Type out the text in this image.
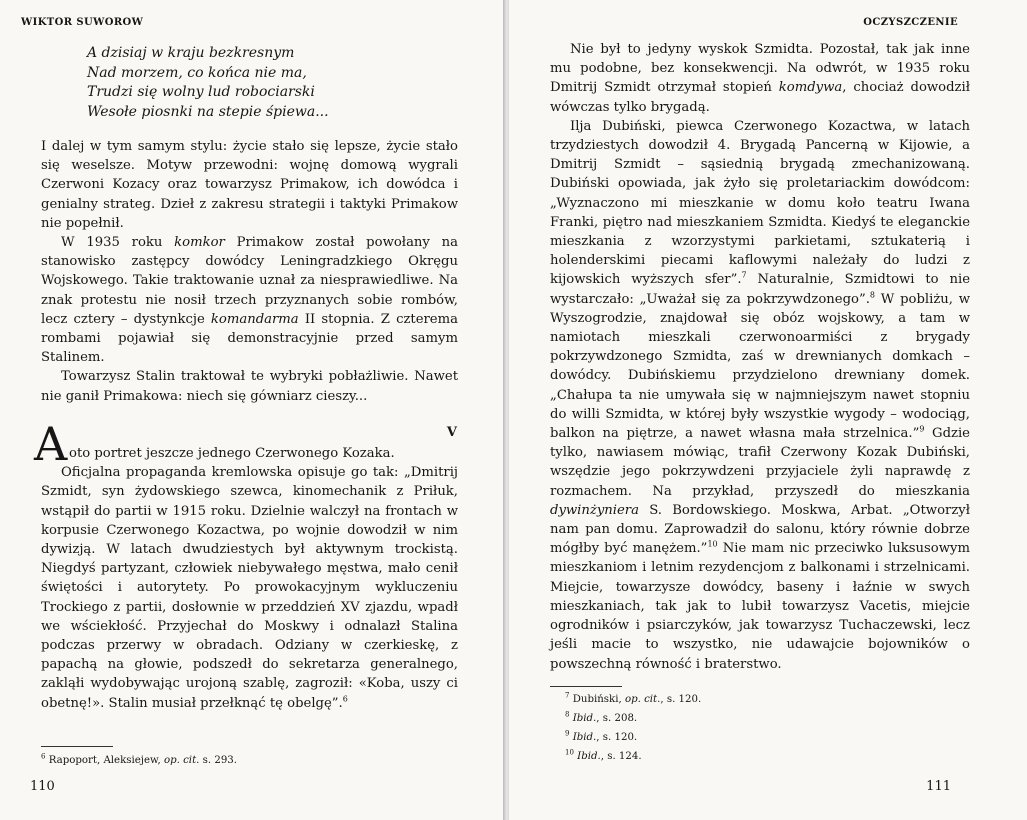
WIKTOR SUWOROW
A dzisiaj w kraju bezkresnym
Nad morzem, co końca nie ma,
Trudzi się wolny lud robociarski
Wesołe piosnki na stepie śpiewa...

I dalej w tym samym stylu: życie stało się lepsze, życie stało się weselsze. Motyw przewodni: wojnę domową wygrali Czerwoni Kozacy oraz towarzysz Primakow, ich dowódca i genialny strateg. Dzieł z zakresu strategii i taktyki Primakow nie popełnił.

W 1935 roku komkor Primakow został powołany na stanowisko zastępcy dowódcy Leningradzkiego Okręgu Wojskowego. Takie traktowanie uznał za niesprawiedliwe. Na znak protestu nie nosił trzech przyznanych sobie rombów, lecz cztery – dystynkcje komandarma II stopnia. Z czterema rombami pojawiał się demonstracyjnie przed samym Stalinem.

Towarzysz Stalin traktował te wybryki pobłażliwie. Nawet nie ganił Primakowa: niech się gówniarz cieszy...

A	V

oto portret jeszcze jednego Czerwonego Kozaka.

Oficjalna propaganda kremlowska opisuje go tak: „Dmitrij Szmidt, syn żydowskiego szewca, kinomechanik z Priłuk, wstąpił do partii w 1915 roku. Dzielnie walczył na frontach w korpusie Czerwonego Kozactwa, po wojnie dowodził w nim dywizją. W latach dwudziestych był aktywnym trockistą. Niegdyś partyzant, człowiek niebywałego męstwa, mało cenił świętości i autorytety. Po prowokacyjnym wykluczeniu Trockiego z partii, dosłownie w przeddzień XV zjazdu, wpadł we wściekłość. Przyjechał do Moskwy i odnalazł Stalina podczas przerwy w obradach. Odziany w czerkieskę, z papachą na głowie, podszedł do sekretarza generalnego, zakląłi wydobywając urojoną szablę, zagroził: «Koba, uszy ci obetnę!». Stalin musiał przełknąć tę obelgę”.$^6$

$^6$ Rapoport, Aleksiejew, op. cit. s. 293.
110
OCZYSZCZENIE

Nie był to jedyny wyskok Szmidta. Pozostał, tak jak inne mu podobne, bez konsekwencji. Na odwrót, w 1935 roku Dmitrij Szmidt otrzymał stopień komdywa, chociaż dowodził wówczas tylko brygadą.

Ilja Dubiński, piewca Czerwonego Kozactwa, w latach trzydziestych dowodził 4. Brygadą Pancerną w Kijowie, a Dmitrij Szmidt – sąsiednią brygadą zmechanizowaną. Dubiński opowiada, jak żyło się proletariackim dowódcom: „Wyznaczono mi mieszkanie w domu koło teatru Iwana Franki, piętro nad mieszkaniem Szmidta. Kiedyś te eleganckie mieszkania z wzorzystymi parkietami, sztukaterią i holenderskimi piecami kaflowymi należały do ludzi z kijowskich wyższych sfer”.$^7$ Naturalnie, Szmidtowi to nie wystarczało: „Uważał się za pokrzywdzonego”.$^8$ W pobliżu, w Wyszogrodzie, znajdował się obóz wojskowy, a tam w namiotach mieszkali czerwonoarmiści z brygady pokrzywdzonego Szmidta, zaś w drewnianych domkach – dowódcy. Dubińskiemu przydzielono drewniany domek. „Chałupa ta nie umywała się w najmniejszym nawet stopniu do willi Szmidta, w której były wszystkie wygody – wodociąg, balkon na piętrze, a nawet własna mała strzelnica.”$^9$ Gdzie tylko, nawiasem mówiąc, trafił Czerwony Kozak Dubiński, wszędzie jego pokrzywdzeni przyjaciele żyli naprawdę z rozmachem. Na przykład, przyszedł do mieszkania dywinżyniera S. Bordowskiego. Moskwa, Arbat. „Otworzył nam pan domu. Zaprowadził do salonu, który równie dobrze mógłby być manężem.”$^{10}$ Nie mam nic przeciwko luksusowym mieszkaniom i letnim rezydencjom z balkonami i strzelnicami. Miejcie, towarzysze dowódcy, baseny i łaźnie w swych mieszkaniach, tak jak to lubił towarzysz Vacetis, miejcie ogrodników i psiarczyków, jak towarzysz Tuchaczewski, lecz jeśli macie to wszystko, nie udawajcie bojowników o powszechną równość i braterstwo.

$^7$ Dubiński, op. cit., s. 120.
$^8$ Ibid., s. 208.
$^9$ Ibid., s. 120.
$^{10}$ Ibid., s. 124.
111
